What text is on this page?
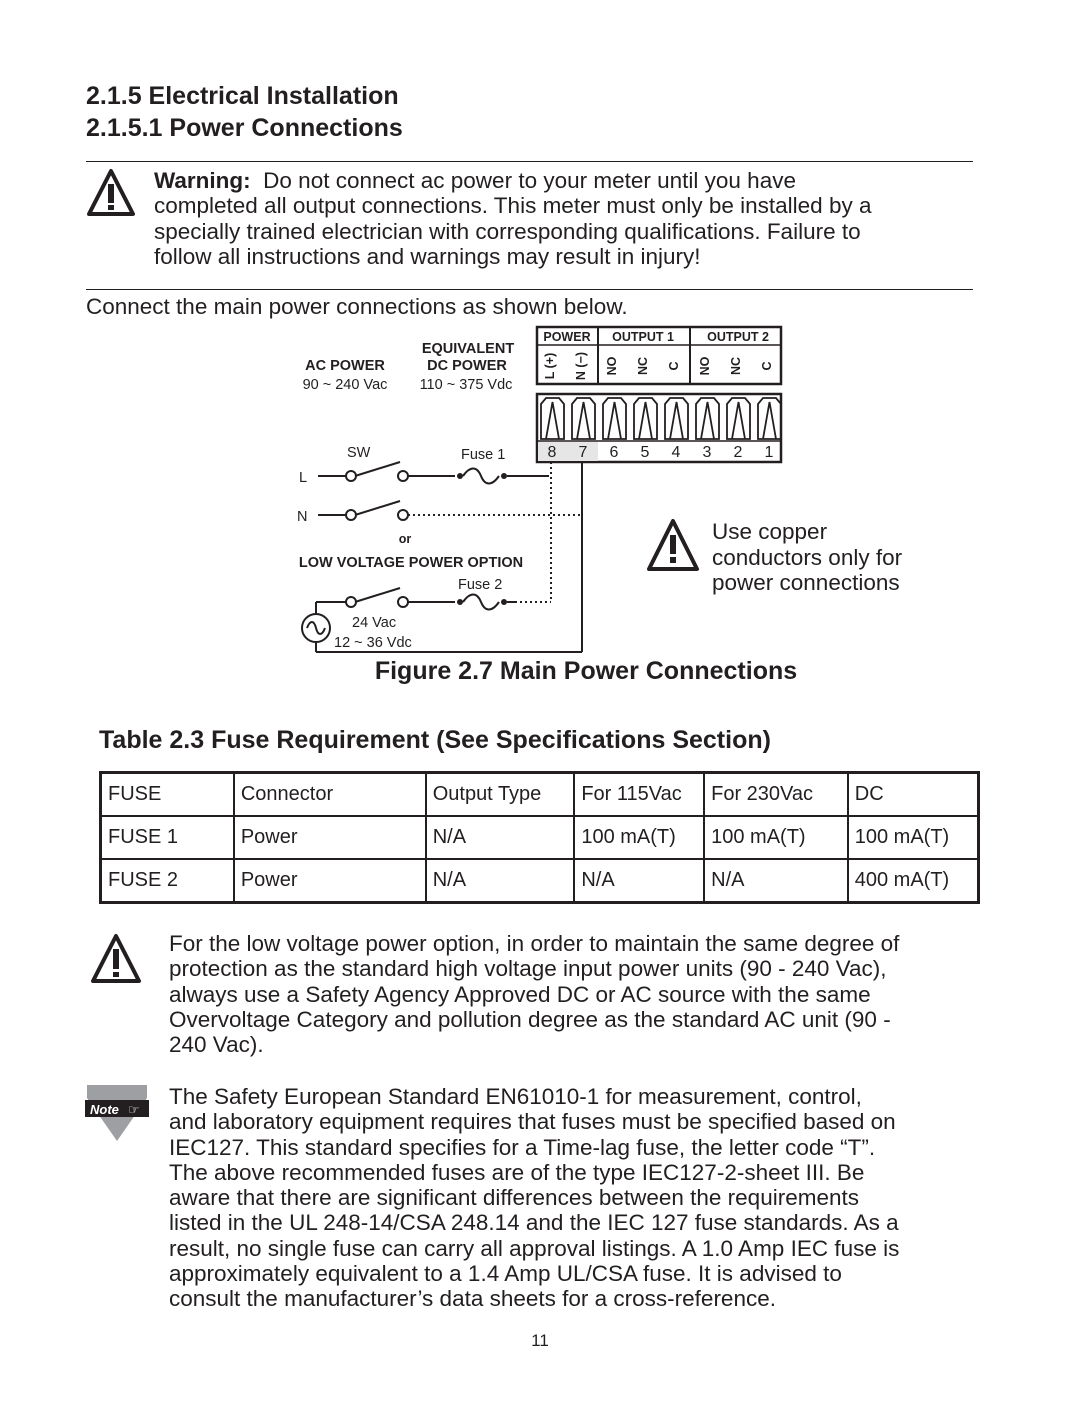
2.1.5 Electrical Installation
2.1.5.1 Power Connections
Warning: Do not connect ac power to your meter until you have
completed all output connections. This meter must only be installed by a
specially trained electrician with corresponding qualifications. Failure to
follow all instructions and warnings may result in injury!
Connect the main power connections as shown below.
EQUIVALENT
AC POWER	DC POWER
90 ~ 240 Vac 110 ~ 375 Vdc
POWER OUTPUT 1	OUTPUT 2
L (+) N (−) NO NC C NO NC C
8 7 6 5 4 3 2 1
SW	Fuse 1
L
N
or
LOW VOLTAGE POWER OPTION
Fuse 2
24 Vac
12 ~ 36 Vdc
Use copper
conductors only for
power connections
Figure 2.7 Main Power Connections
Table 2.3 Fuse Requirement (See Specifications Section)
FUSE	Connector	Output Type	For 115Vac	For 230Vac	DC
FUSE 1	Power	N/A	100 mA(T)	100 mA(T)	100 mA(T)
FUSE 2	Power	N/A	N/A	N/A	400 mA(T)
For the low voltage power option, in order to maintain the same degree of
protection as the standard high voltage input power units (90 - 240 Vac),
always use a Safety Agency Approved DC or AC source with the same
Overvoltage Category and pollution degree as the standard AC unit (90 -
240 Vac).
Note ☞
The Safety European Standard EN61010-1 for measurement, control,
and laboratory equipment requires that fuses must be specified based on
IEC127. This standard specifies for a Time-lag fuse, the letter code “T”.
The above recommended fuses are of the type IEC127-2-sheet III. Be
aware that there are significant differences between the requirements
listed in the UL 248-14/CSA 248.14 and the IEC 127 fuse standards. As a
result, no single fuse can carry all approval listings. A 1.0 Amp IEC fuse is
approximately equivalent to a 1.4 Amp UL/CSA fuse. It is advised to
consult the manufacturer’s data sheets for a cross-reference.
11
